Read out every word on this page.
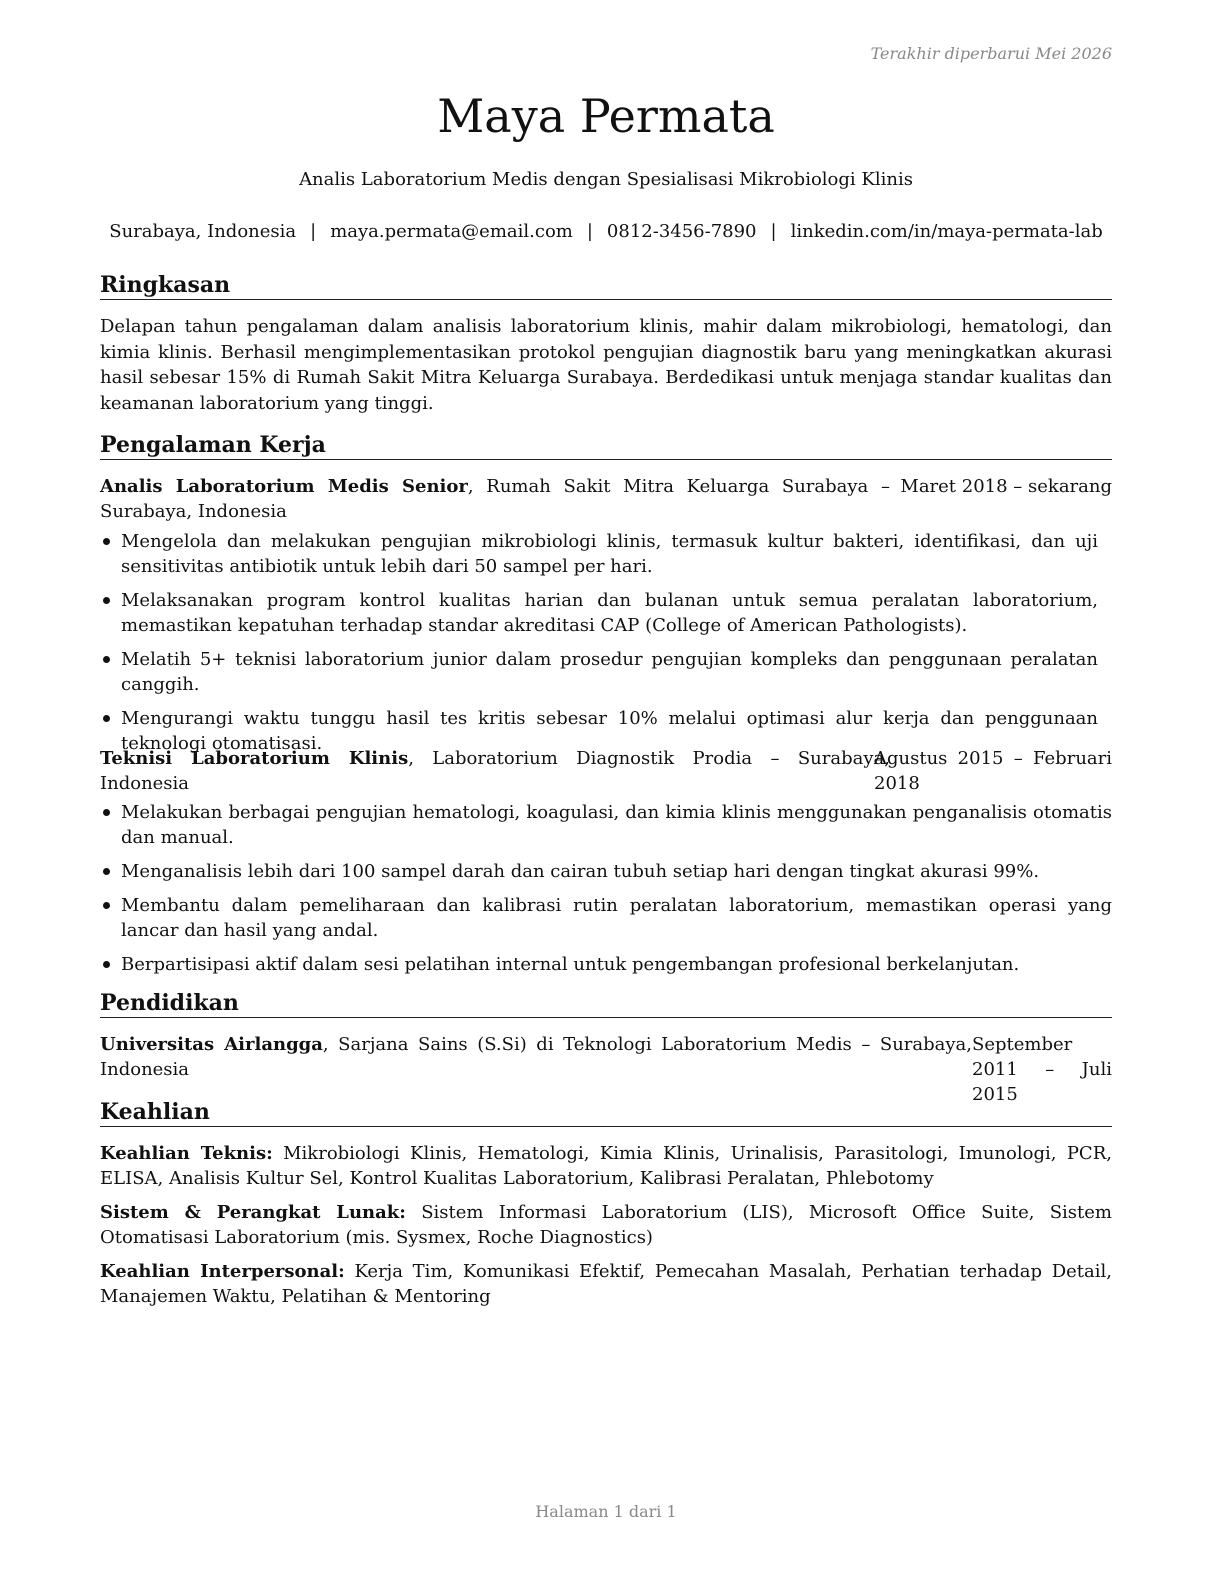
Terakhir diperbarui Mei 2026
Maya Permata
Analis Laboratorium Medis dengan Spesialisasi Mikrobiologi Klinis
Surabaya, Indonesia | maya.permata@email.com | 0812-3456-7890 | linkedin.com/in/maya-permata-lab
Ringkasan
Delapan tahun pengalaman dalam analisis laboratorium klinis, mahir dalam mikrobiologi, hematologi, dan kimia klinis. Berhasil mengimplementasikan protokol pengujian diagnostik baru yang meningkatkan akurasi hasil sebesar 15% di Rumah Sakit Mitra Keluarga Surabaya. Berdedikasi untuk menjaga standar kualitas dan keamanan laboratorium yang tinggi.
Pengalaman Kerja
Analis Laboratorium Medis Senior, Rumah Sakit Mitra Keluarga Surabaya – Surabaya, Indonesia
Maret 2018 – sekarang
Mengelola dan melakukan pengujian mikrobiologi klinis, termasuk kultur bakteri, identifikasi, dan uji sensitivitas antibiotik untuk lebih dari 50 sampel per hari.
Melaksanakan program kontrol kualitas harian dan bulanan untuk semua peralatan laboratorium, memastikan kepatuhan terhadap standar akreditasi CAP (College of American Pathologists).
Melatih 5+ teknisi laboratorium junior dalam prosedur pengujian kompleks dan penggunaan peralatan canggih.
Mengurangi waktu tunggu hasil tes kritis sebesar 10% melalui optimasi alur kerja dan penggunaan teknologi otomatisasi.
Teknisi Laboratorium Klinis, Laboratorium Diagnostik Prodia – Surabaya, Indonesia
Agustus 2015 – Februari 2018
Melakukan berbagai pengujian hematologi, koagulasi, dan kimia klinis menggunakan penganalisis otomatis dan manual.
Menganalisis lebih dari 100 sampel darah dan cairan tubuh setiap hari dengan tingkat akurasi 99%.
Membantu dalam pemeliharaan dan kalibrasi rutin peralatan laboratorium, memastikan operasi yang lancar dan hasil yang andal.
Berpartisipasi aktif dalam sesi pelatihan internal untuk pengembangan profesional berkelanjutan.
Pendidikan
Universitas Airlangga, Sarjana Sains (S.Si) di Teknologi Laboratorium Medis – Surabaya, Indonesia
September 2011 – Juli 2015
Keahlian
Keahlian Teknis: Mikrobiologi Klinis, Hematologi, Kimia Klinis, Urinalisis, Parasitologi, Imunologi, PCR, ELISA, Analisis Kultur Sel, Kontrol Kualitas Laboratorium, Kalibrasi Peralatan, Phlebotomy
Sistem & Perangkat Lunak: Sistem Informasi Laboratorium (LIS), Microsoft Office Suite, Sistem Otomatisasi Laboratorium (mis. Sysmex, Roche Diagnostics)
Keahlian Interpersonal: Kerja Tim, Komunikasi Efektif, Pemecahan Masalah, Perhatian terhadap Detail, Manajemen Waktu, Pelatihan & Mentoring
Halaman 1 dari 1
